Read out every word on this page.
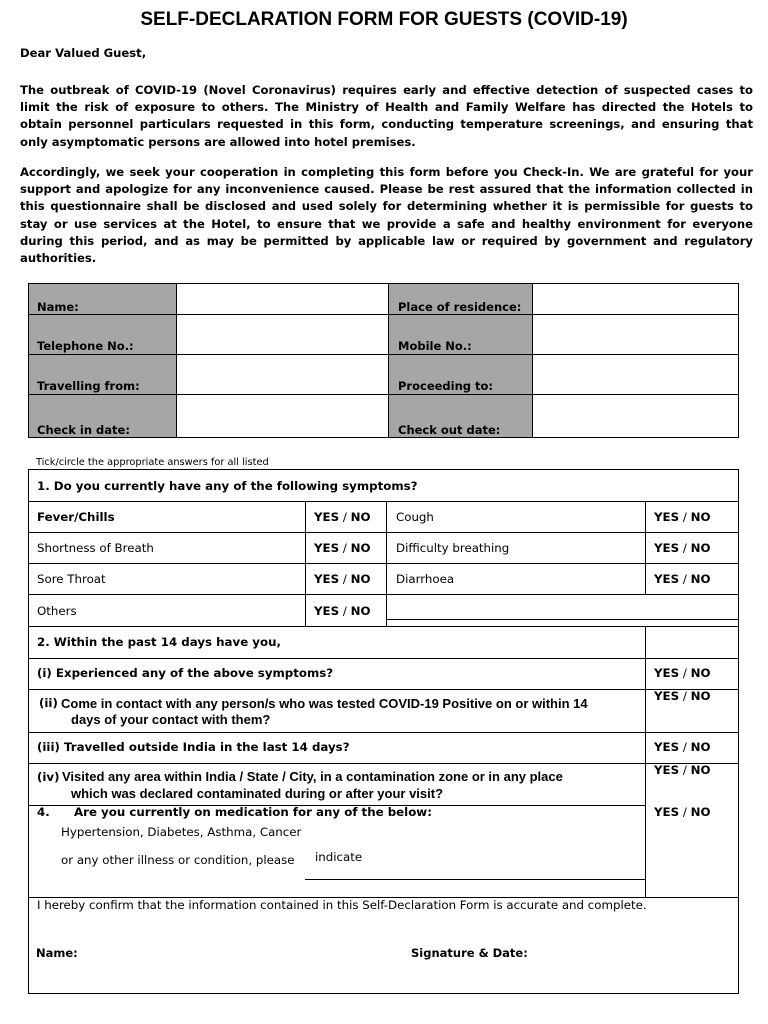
SELF-DECLARATION FORM FOR GUESTS (COVID-19)
Dear Valued Guest,
The outbreak of COVID-19 (Novel Coronavirus) requires early and effective detection of suspected cases to limit the risk of exposure to others. The Ministry of Health and Family Welfare has directed the Hotels to obtain personnel particulars requested in this form, conducting temperature screenings, and ensuring that only asymptomatic persons are allowed into hotel premises.
Accordingly, we seek your cooperation in completing this form before you Check-In. We are grateful for your support and apologize for any inconvenience caused. Please be rest assured that the information collected in this questionnaire shall be disclosed and used solely for determining whether it is permissible for guests to stay or use services at the Hotel, to ensure that we provide a safe and healthy environment for everyone during this period, and as may be permitted by applicable law or required by government and regulatory authorities.
Name:	Place of residence:
Telephone No.:	Mobile No.:
Travelling from:	Proceeding to:
Check in date:	Check out date:
Tick/circle the appropriate answers for all listed
1. Do you currently have any of the following symptoms?
Fever/Chills	YES / NO Cough	YES / NO
Shortness of Breath	YES / NO Difficulty breathing	YES / NO
Sore Throat	YES / NO Diarrhoea	YES / NO
Others	YES / NO
2. Within the past 14 days have you,
(i) Experienced any of the above symptoms?	YES / NO
(ii) Come in contact with any person/s who was tested COVID-19 Positive on or within 14
days of your contact with them?
YES / NO
(iii) Travelled outside India in the last 14 days?	YES / NO
(iv) Visited any area within India / State / City, in a contamination zone or in any place
which was declared contaminated during or after your visit?
YES / NO
4. Are you currently on medication for any of the below:	YES / NO
Hypertension, Diabetes, Asthma, Cancer
or any other illness or condition, please indicate
I hereby confirm that the information contained in this Self-Declaration Form is accurate and complete.
Name:	Signature & Date:
